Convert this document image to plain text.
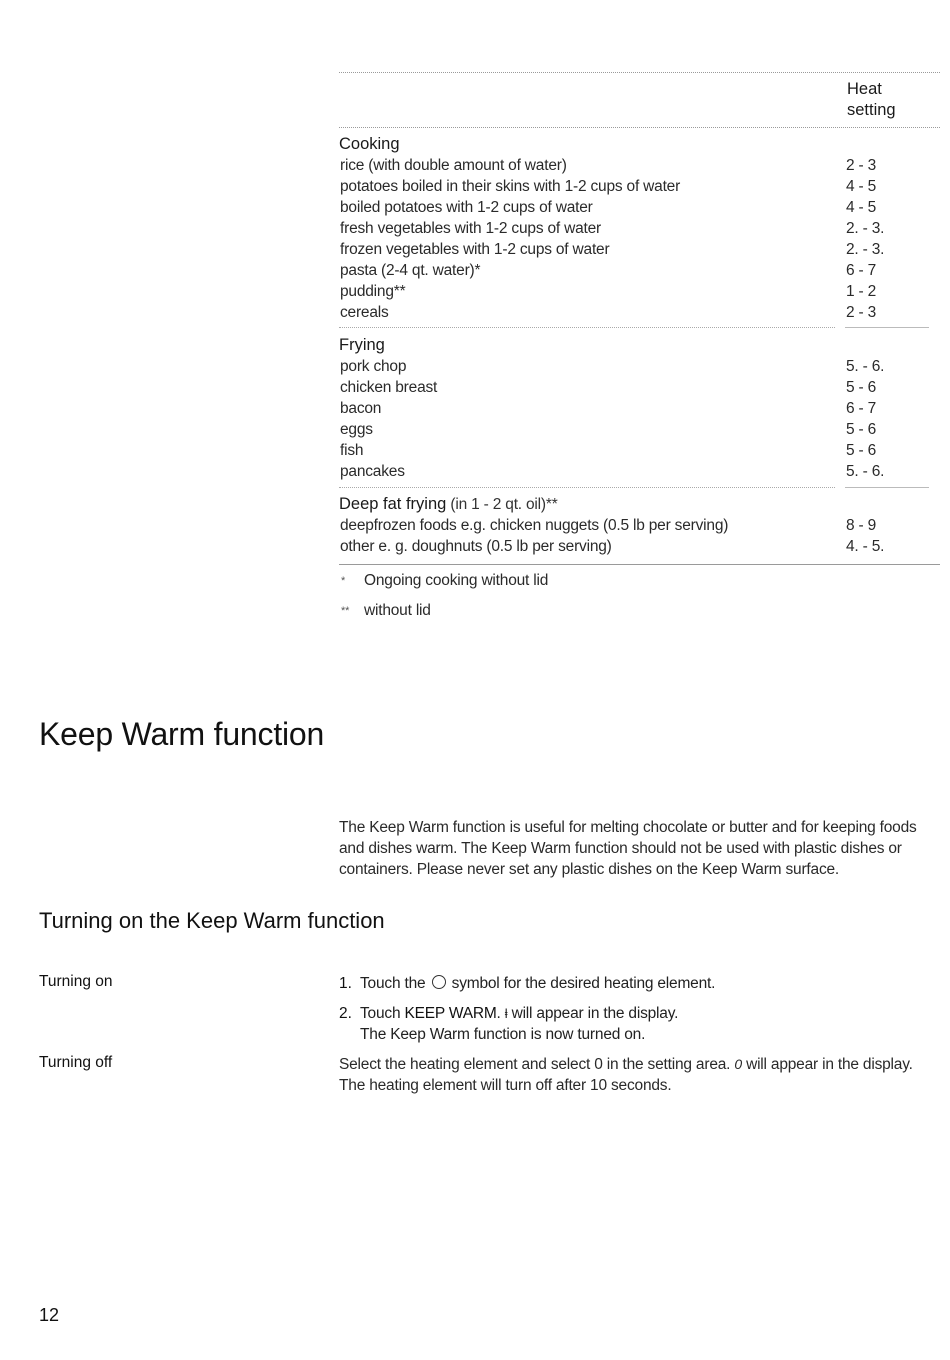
Heat
setting
Cooking
rice (with double amount of water)	2 - 3
potatoes boiled in their skins with 1-2 cups of water	4 - 5
boiled potatoes with 1-2 cups of water	4 - 5
fresh vegetables with 1-2 cups of water	2. - 3.
frozen vegetables with 1-2 cups of water	2. - 3.
pasta (2-4 qt. water)*	6 - 7
pudding**	1 - 2
cereals	2 - 3
Frying
pork chop	5. - 6.
chicken breast	5 - 6
bacon	6 - 7
eggs	5 - 6
fish	5 - 6
pancakes	5. - 6.
Deep fat frying (in 1 - 2 qt. oil)**
deepfrozen foods e.g. chicken nuggets (0.5 lb per serving)	8 - 9
other e. g. doughnuts (0.5 lb per serving)	4. - 5.
* Ongoing cooking without lid
** without lid
Keep Warm function

The Keep Warm function is useful for melting chocolate or butter and for keeping foods and dishes warm. The Keep Warm function should not be used with plastic dishes or containers. Please never set any plastic dishes on the Keep Warm surface.

Turning on the Keep Warm function
Turning on	1. Touch the  symbol for the desired heating element.
2. Touch KEEP WARM. ⱡ will appear in the display.
The Keep Warm function is now turned on.
Turning off	Select the heating element and select 0 in the setting area. 0 will appear in the display. The heating element will turn off after 10 seconds.
12
